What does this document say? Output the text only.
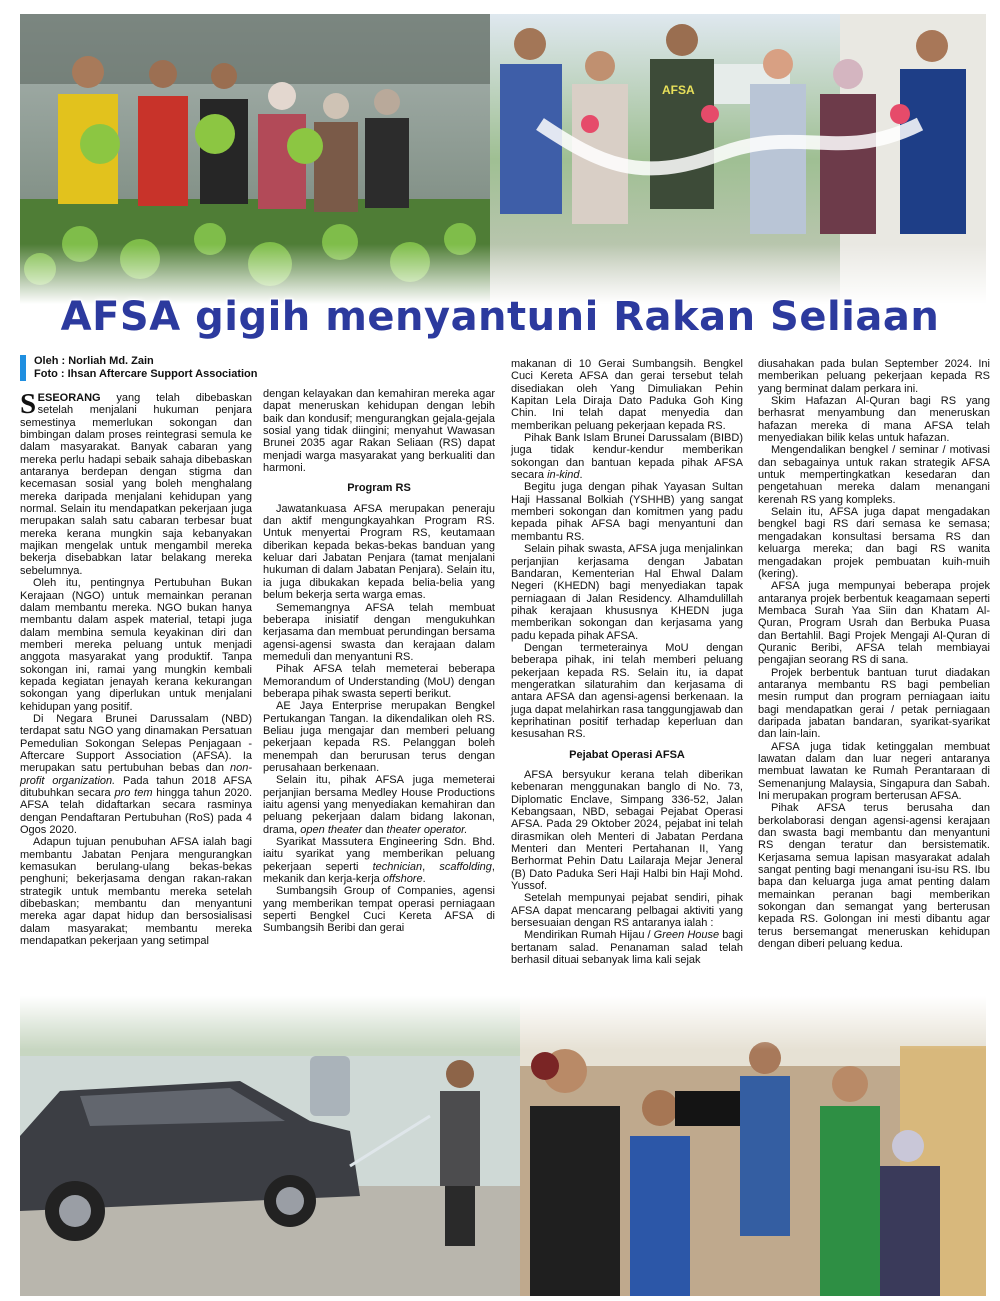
AFSA
AFSA gigih menyantuni Rakan Seliaan
Oleh : Norliah Md. Zain
Foto : Ihsan Aftercare Support Association

SESEORANG yang telah dibebaskan setelah menjalani hukuman penjara semestinya memerlukan sokongan dan bimbingan dalam proses reintegrasi semula ke dalam masyarakat. Banyak cabaran yang mereka perlu hadapi sebaik sahaja dibebaskan antaranya berdepan dengan stigma dan kecemasan sosial yang boleh menghalang mereka daripada menjalani kehidupan yang normal. Selain itu mendapatkan pekerjaan juga merupakan salah satu cabaran terbesar buat mereka kerana mungkin saja kebanyakan majikan mengelak untuk mengambil mereka bekerja disebabkan latar belakang mereka sebelumnya.

Oleh itu, pentingnya Pertubuhan Bukan Kerajaan (NGO) untuk memainkan peranan dalam membantu mereka. NGO bukan hanya membantu dalam aspek material, tetapi juga dalam membina semula keyakinan diri dan memberi mereka peluang untuk menjadi anggota masyarakat yang produktif. Tanpa sokongan ini, ramai yang mungkin kembali kepada kegiatan jenayah kerana kekurangan sokongan yang diperlukan untuk menjalani kehidupan yang positif.

Di Negara Brunei Darussalam (NBD) terdapat satu NGO yang dinamakan Persatuan Pemedulian Sokongan Selepas Penjagaan - Aftercare Support Association (AFSA). Ia merupakan satu pertubuhan bebas dan non-profit organization. Pada tahun 2018 AFSA ditubuhkan secara pro tem hingga tahun 2020. AFSA telah didaftarkan secara rasminya dengan Pendaftaran Pertubuhan (RoS) pada 4 Ogos 2020.

Adapun tujuan penubuhan AFSA ialah bagi membantu Jabatan Penjara mengurangkan kemasukan berulang-ulang bekas-bekas penghuni; bekerjasama dengan rakan-rakan strategik untuk membantu mereka setelah dibebaskan; membantu dan menyantuni mereka agar dapat hidup dan bersosialisasi dalam masyarakat; membantu mereka mendapatkan pekerjaan yang setimpal

dengan kelayakan dan kemahiran mereka agar dapat meneruskan kehidupan dengan lebih baik dan kondusif; mengurangkan gejala-gejala sosial yang tidak diingini; menyahut Wawasan Brunei 2035 agar Rakan Seliaan (RS) dapat menjadi warga masyarakat yang berkualiti dan harmoni.

Program RS

Jawatankuasa AFSA merupakan peneraju dan aktif mengungkayahkan Program RS. Untuk menyertai Program RS, keutamaan diberikan kepada bekas-bekas banduan yang keluar dari Jabatan Penjara (tamat menjalani hukuman di dalam Jabatan Penjara). Selain itu, ia juga dibukakan kepada belia-belia yang belum bekerja serta warga emas.

Sememangnya AFSA telah membuat beberapa inisiatif dengan mengukuhkan kerjasama dan membuat perundingan bersama agensi-agensi swasta dan kerajaan dalam memeduli dan menyantuni RS.

Pihak AFSA telah memeterai beberapa Memorandum of Understanding (MoU) dengan beberapa pihak swasta seperti berikut.

AE Jaya Enterprise merupakan Bengkel Pertukangan Tangan. Ia dikendalikan oleh RS. Beliau juga mengajar dan memberi peluang pekerjaan kepada RS. Pelanggan boleh menempah dan berurusan terus dengan perusahaan berkenaan.

Selain itu, pihak AFSA juga memeterai perjanjian bersama Medley House Productions iaitu agensi yang menyediakan kemahiran dan peluang pekerjaan dalam bidang lakonan, drama, open theater dan theater operator.

Syarikat Massutera Engineering Sdn. Bhd. iaitu syarikat yang memberikan peluang pekerjaan seperti technician, scaffolding, mekanik dan kerja-kerja offshore.

Sumbangsih Group of Companies, agensi yang memberikan tempat operasi perniagaan seperti Bengkel Cuci Kereta AFSA di Sumbangsih Beribi dan gerai

makanan di 10 Gerai Sumbangsih. Bengkel Cuci Kereta AFSA dan gerai tersebut telah disediakan oleh Yang Dimuliakan Pehin Kapitan Lela Diraja Dato Paduka Goh King Chin. Ini telah dapat menyedia dan memberikan peluang pekerjaan kepada RS.

Pihak Bank Islam Brunei Darussalam (BIBD) juga tidak kendur-kendur memberikan sokongan dan bantuan kepada pihak AFSA secara in-kind.

Begitu juga dengan pihak Yayasan Sultan Haji Hassanal Bolkiah (YSHHB) yang sangat memberi sokongan dan komitmen yang padu kepada pihak AFSA bagi menyantuni dan membantu RS.

Selain pihak swasta, AFSA juga menjalinkan perjanjian kerjasama dengan Jabatan Bandaran, Kementerian Hal Ehwal Dalam Negeri (KHEDN) bagi menyediakan tapak perniagaan di Jalan Residency. Alhamdulillah pihak kerajaan khususnya KHEDN juga memberikan sokongan dan kerjasama yang padu kepada pihak AFSA.

Dengan termeterainya MoU dengan beberapa pihak, ini telah memberi peluang pekerjaan kepada RS. Selain itu, ia dapat mengeratkan silaturahim dan kerjasama di antara AFSA dan agensi-agensi berkenaan. Ia juga dapat melahirkan rasa tanggungjawab dan keprihatinan positif terhadap keperluan dan kesusahan RS.

Pejabat Operasi AFSA

AFSA bersyukur kerana telah diberikan kebenaran menggunakan banglo di No. 73, Diplomatic Enclave, Simpang 336-52, Jalan Kebangsaan, NBD, sebagai Pejabat Operasi AFSA. Pada 29 Oktober 2024, pejabat ini telah dirasmikan oleh Menteri di Jabatan Perdana Menteri dan Menteri Pertahanan II, Yang Berhormat Pehin Datu Lailaraja Mejar Jeneral (B) Dato Paduka Seri Haji Halbi bin Haji Mohd. Yussof.

Setelah mempunyai pejabat sendiri, pihak AFSA dapat mencarang pelbagai aktiviti yang bersesuaian dengan RS antaranya ialah :

Mendirikan Rumah Hijau / Green House bagi bertanam salad. Penanaman salad telah berhasil dituai sebanyak lima kali sejak

diusahakan pada bulan September 2024. Ini memberikan peluang pekerjaan kepada RS yang berminat dalam perkara ini.

Skim Hafazan Al-Quran bagi RS yang berhasrat menyambung dan meneruskan hafazan mereka di mana AFSA telah menyediakan bilik kelas untuk hafazan.

Mengendalikan bengkel / seminar / motivasi dan sebagainya untuk rakan strategik AFSA untuk mempertingkatkan kesedaran dan pengetahuan mereka dalam menangani kerenah RS yang kompleks.

Selain itu, AFSA juga dapat mengadakan bengkel bagi RS dari semasa ke semasa; mengadakan konsultasi bersama RS dan keluarga mereka; dan bagi RS wanita mengadakan projek pembuatan kuih-muih (kering).

AFSA juga mempunyai beberapa projek antaranya projek berbentuk keagamaan seperti Membaca Surah Yaa Siin dan Khatam Al-Quran, Program Usrah dan Berbuka Puasa dan Bertahlil. Bagi Projek Mengaji Al-Quran di Quranic Beribi, AFSA telah membiayai pengajian seorang RS di sana.

Projek berbentuk bantuan turut diadakan antaranya membantu RS bagi pembelian mesin rumput dan program perniagaan iaitu bagi mendapatkan gerai / petak perniagaan daripada jabatan bandaran, syarikat-syarikat dan lain-lain.

AFSA juga tidak ketinggalan membuat lawatan dalam dan luar negeri antaranya membuat lawatan ke Rumah Perantaraan di Semenanjung Malaysia, Singapura dan Sabah. Ini merupakan program berterusan AFSA.

Pihak AFSA terus berusaha dan berkolaborasi dengan agensi-agensi kerajaan dan swasta bagi membantu dan menyantuni RS dengan teratur dan bersistematik. Kerjasama semua lapisan masyarakat adalah sangat penting bagi menangani isu-isu RS. Ibu bapa dan keluarga juga amat penting dalam memainkan peranan bagi memberikan sokongan dan semangat yang berterusan kepada RS. Golongan ini mesti dibantu agar terus bersemangat meneruskan kehidupan dengan diberi peluang kedua.
